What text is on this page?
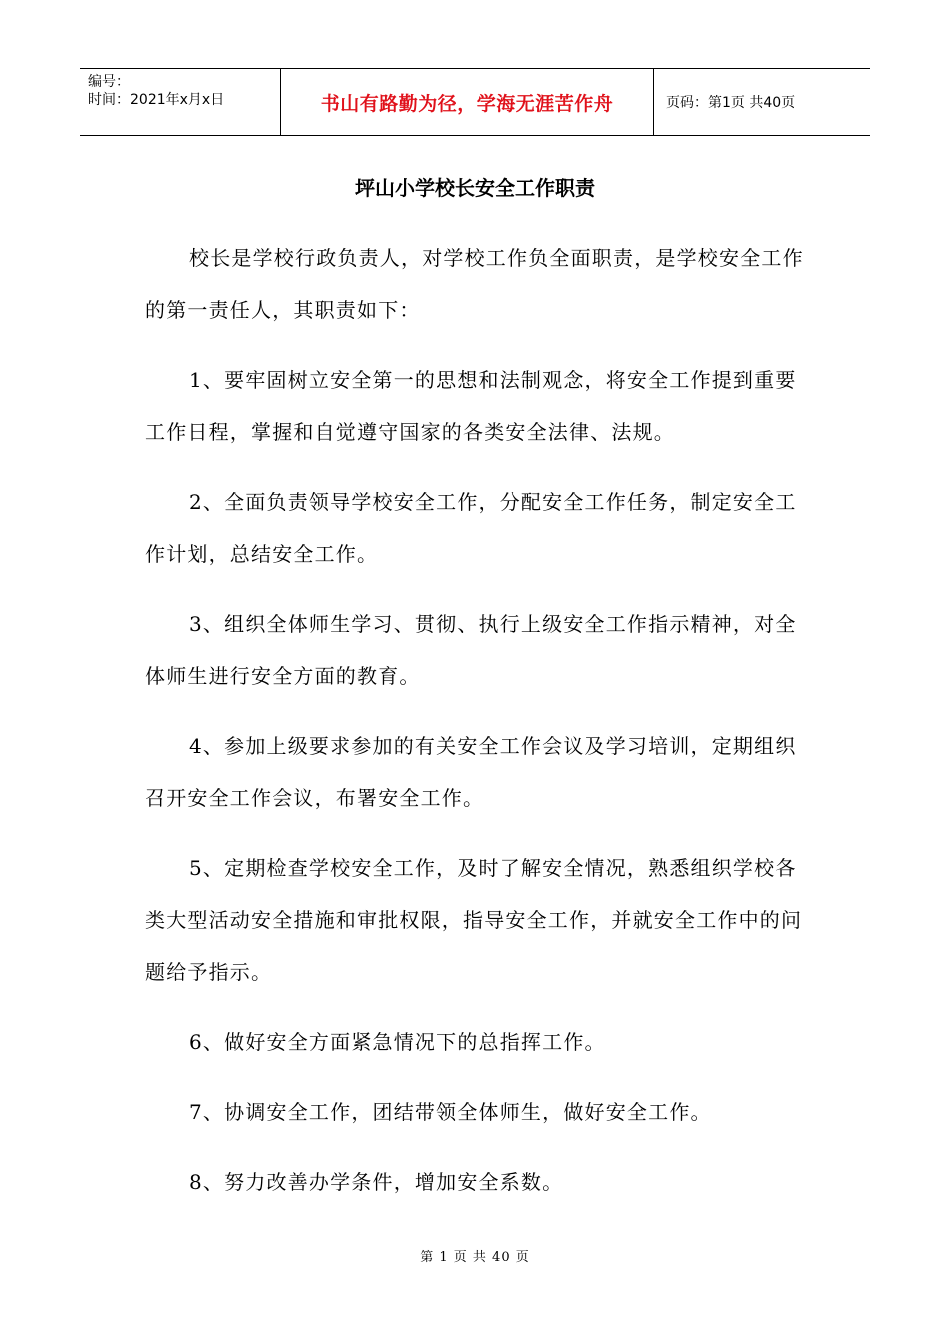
编号：
时间：2021年x月x日	书山有路勤为径，学海无涯苦作舟	页码：第1页 共40页
坪山小学校长安全工作职责

校长是学校行政负责人，对学校工作负全面职责，是学校安全工作的第一责任人，其职责如下：

1、要牢固树立安全第一的思想和法制观念，将安全工作提到重要工作日程，掌握和自觉遵守国家的各类安全法律、法规。

2、全面负责领导学校安全工作，分配安全工作任务，制定安全工作计划，总结安全工作。

3、组织全体师生学习、贯彻、执行上级安全工作指示精神，对全体师生进行安全方面的教育。

4、参加上级要求参加的有关安全工作会议及学习培训，定期组织召开安全工作会议，布署安全工作。

5、定期检查学校安全工作，及时了解安全情况，熟悉组织学校各类大型活动安全措施和审批权限，指导安全工作，并就安全工作中的问题给予指示。

6、做好安全方面紧急情况下的总指挥工作。

7、协调安全工作，团结带领全体师生，做好安全工作。

8、努力改善办学条件，增加安全系数。

第 1 页 共 40 页
